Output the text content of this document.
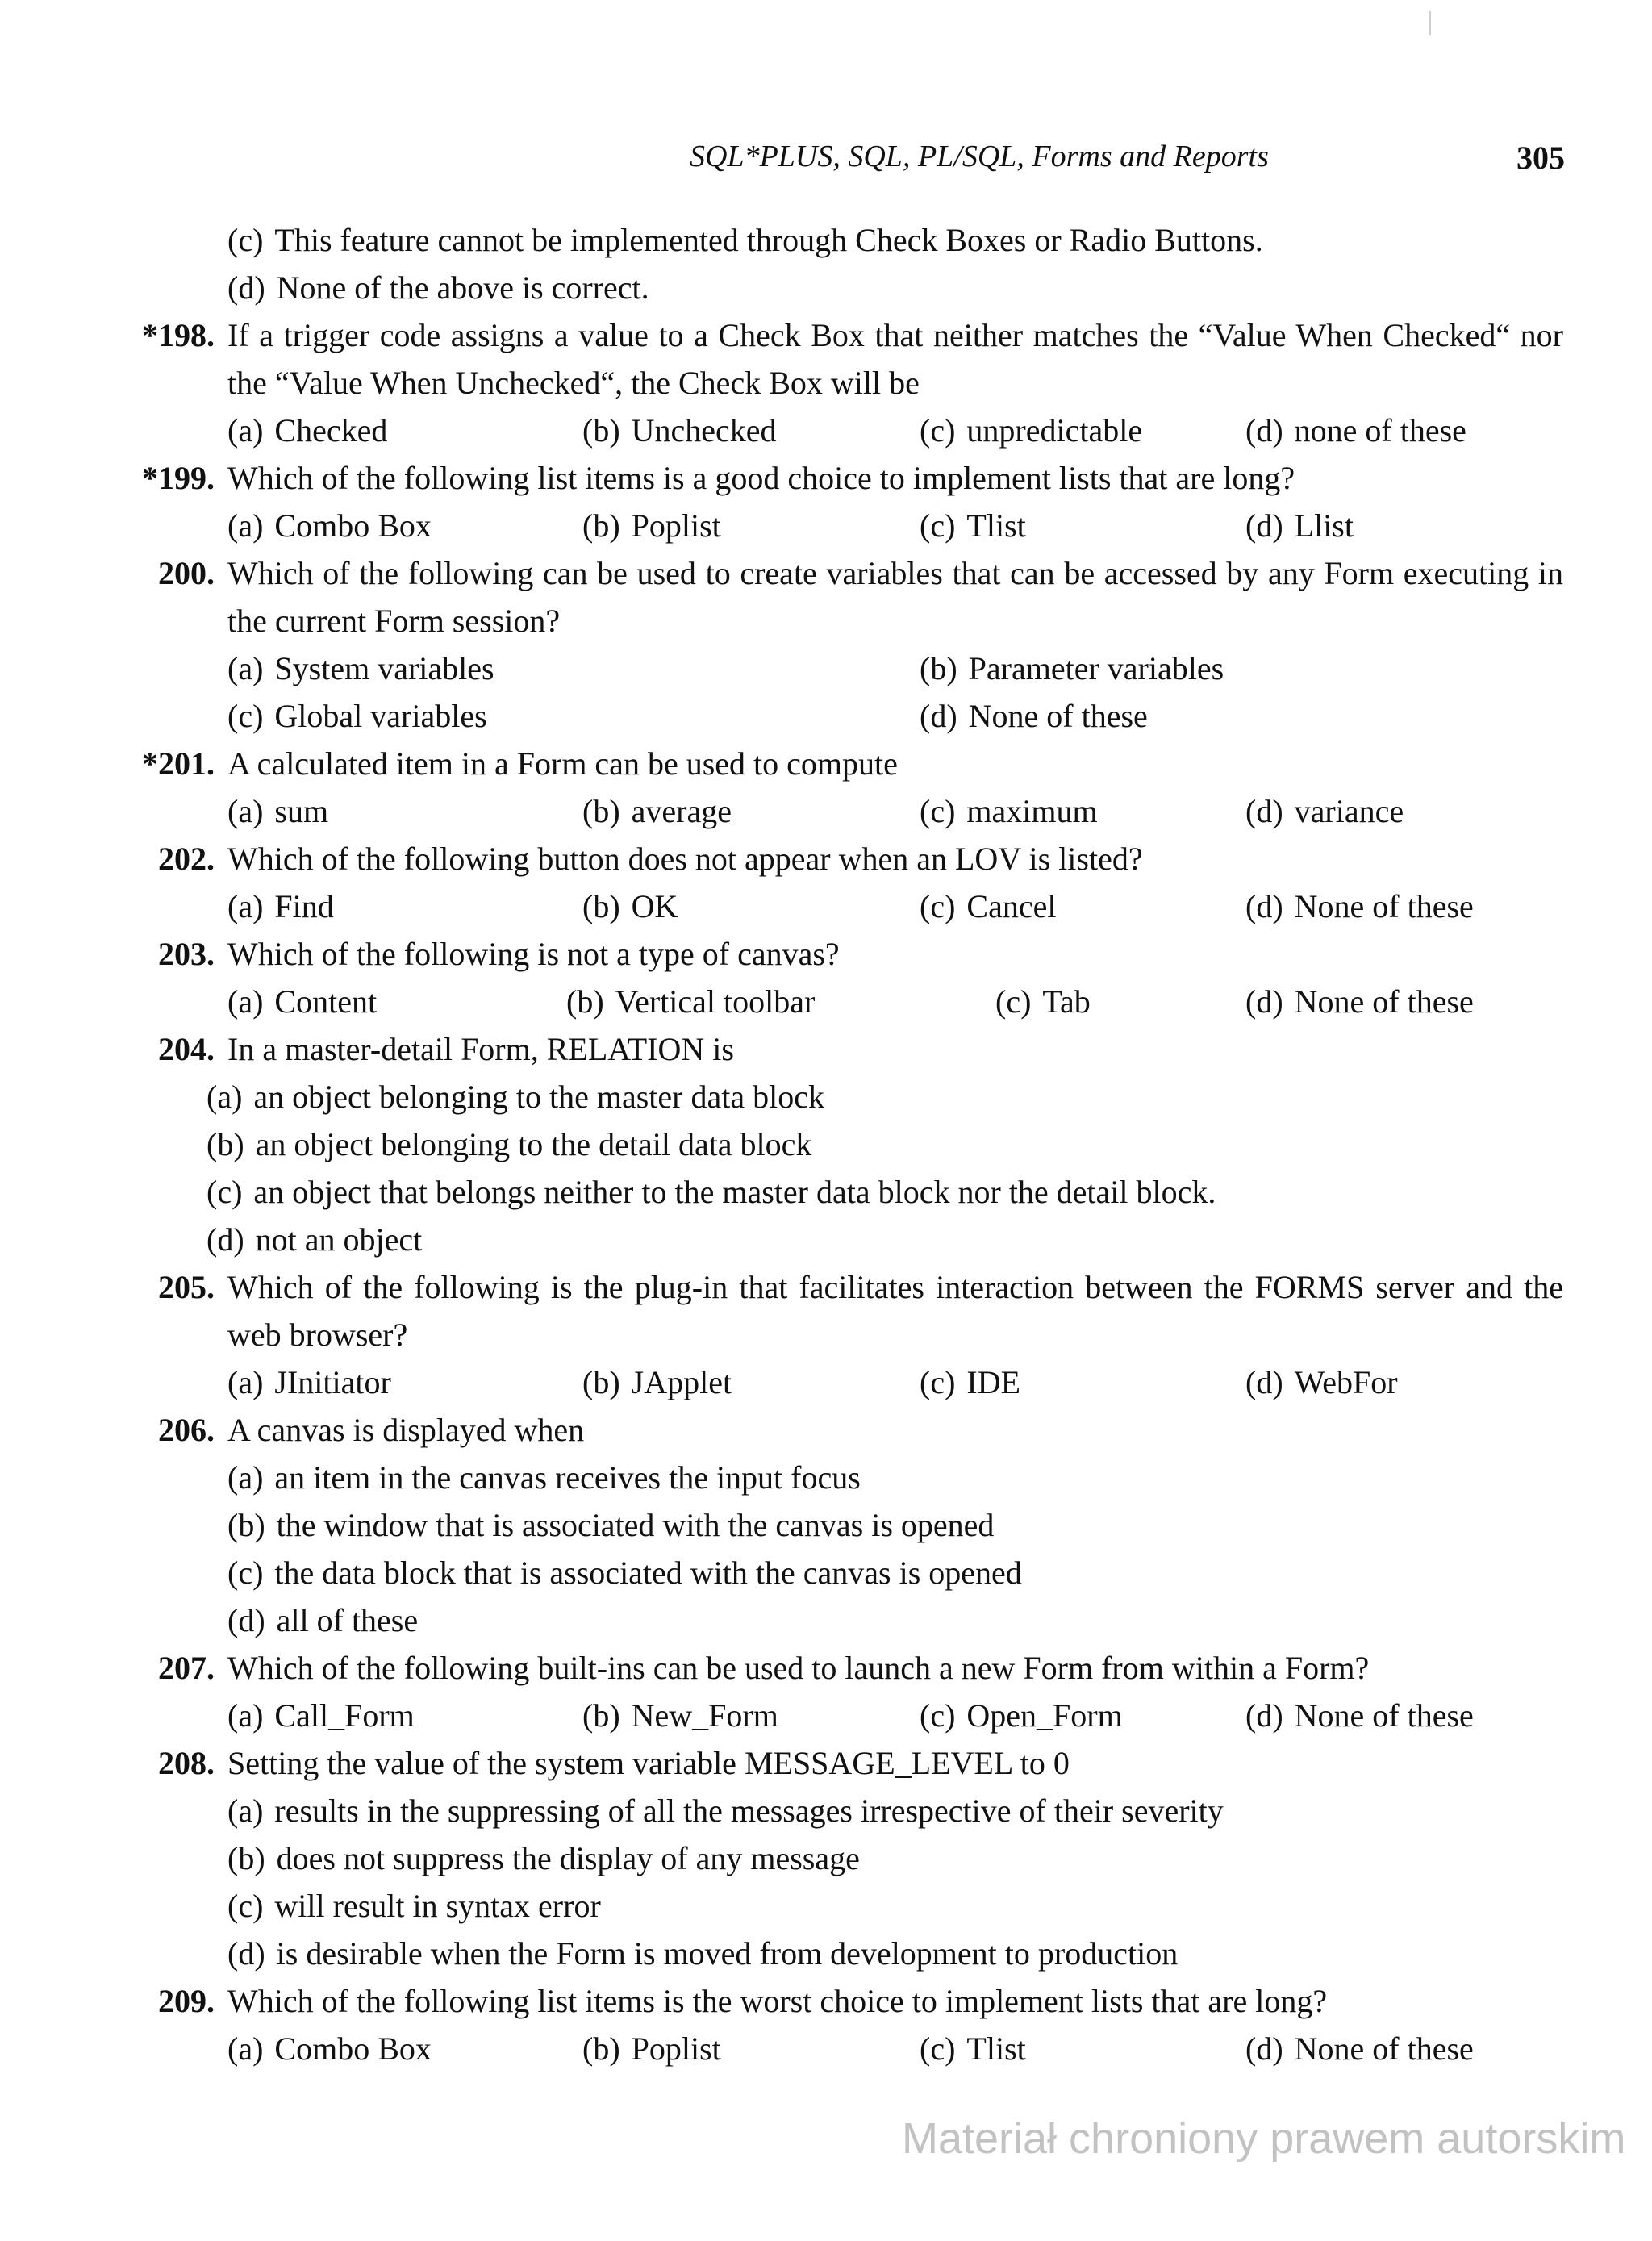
SQL*PLUS, SQL, PL/SQL, Forms and Reports	305
(c) This feature cannot be implemented through Check Boxes or Radio Buttons.
(d) None of the above is correct.
*198. If a trigger code assigns a value to a Check Box that neither matches the “Value When Checked“ nor the “Value When Unchecked“, the Check Box will be
(a) Checked	(b) Unchecked	(c) unpredictable	(d) none of these
*199. Which of the following list items is a good choice to implement lists that are long?
(a) Combo Box	(b) Poplist	(c) Tlist	(d) Llist
200. Which of the following can be used to create variables that can be accessed by any Form executing in the current Form session?
(a) System variables	(b) Parameter variables
(c) Global variables	(d) None of these
*201. A calculated item in a Form can be used to compute
(a) sum	(b) average	(c) maximum	(d) variance
202. Which of the following button does not appear when an LOV is listed?
(a) Find	(b) OK	(c) Cancel	(d) None of these
203. Which of the following is not a type of canvas?
(a) Content	(b) Vertical toolbar	(c) Tab	(d) None of these
204. In a master-detail Form, RELATION is
(a) an object belonging to the master data block
(b) an object belonging to the detail data block
(c) an object that belongs neither to the master data block nor the detail block.
(d) not an object
205. Which of the following is the plug-in that facilitates interaction between the FORMS server and the web browser?
(a) JInitiator	(b) JApplet	(c) IDE	(d) WebFor
206. A canvas is displayed when
(a) an item in the canvas receives the input focus
(b) the window that is associated with the canvas is opened
(c) the data block that is associated with the canvas is opened
(d) all of these
207. Which of the following built-ins can be used to launch a new Form from within a Form?
(a) Call_Form	(b) New_Form	(c) Open_Form	(d) None of these
208. Setting the value of the system variable MESSAGE_LEVEL to 0
(a) results in the suppressing of all the messages irrespective of their severity
(b) does not suppress the display of any message
(c) will result in syntax error
(d) is desirable when the Form is moved from development to production
209. Which of the following list items is the worst choice to implement lists that are long?
(a) Combo Box	(b) Poplist	(c) Tlist	(d) None of these
Materiał chroniony prawem autorskim
